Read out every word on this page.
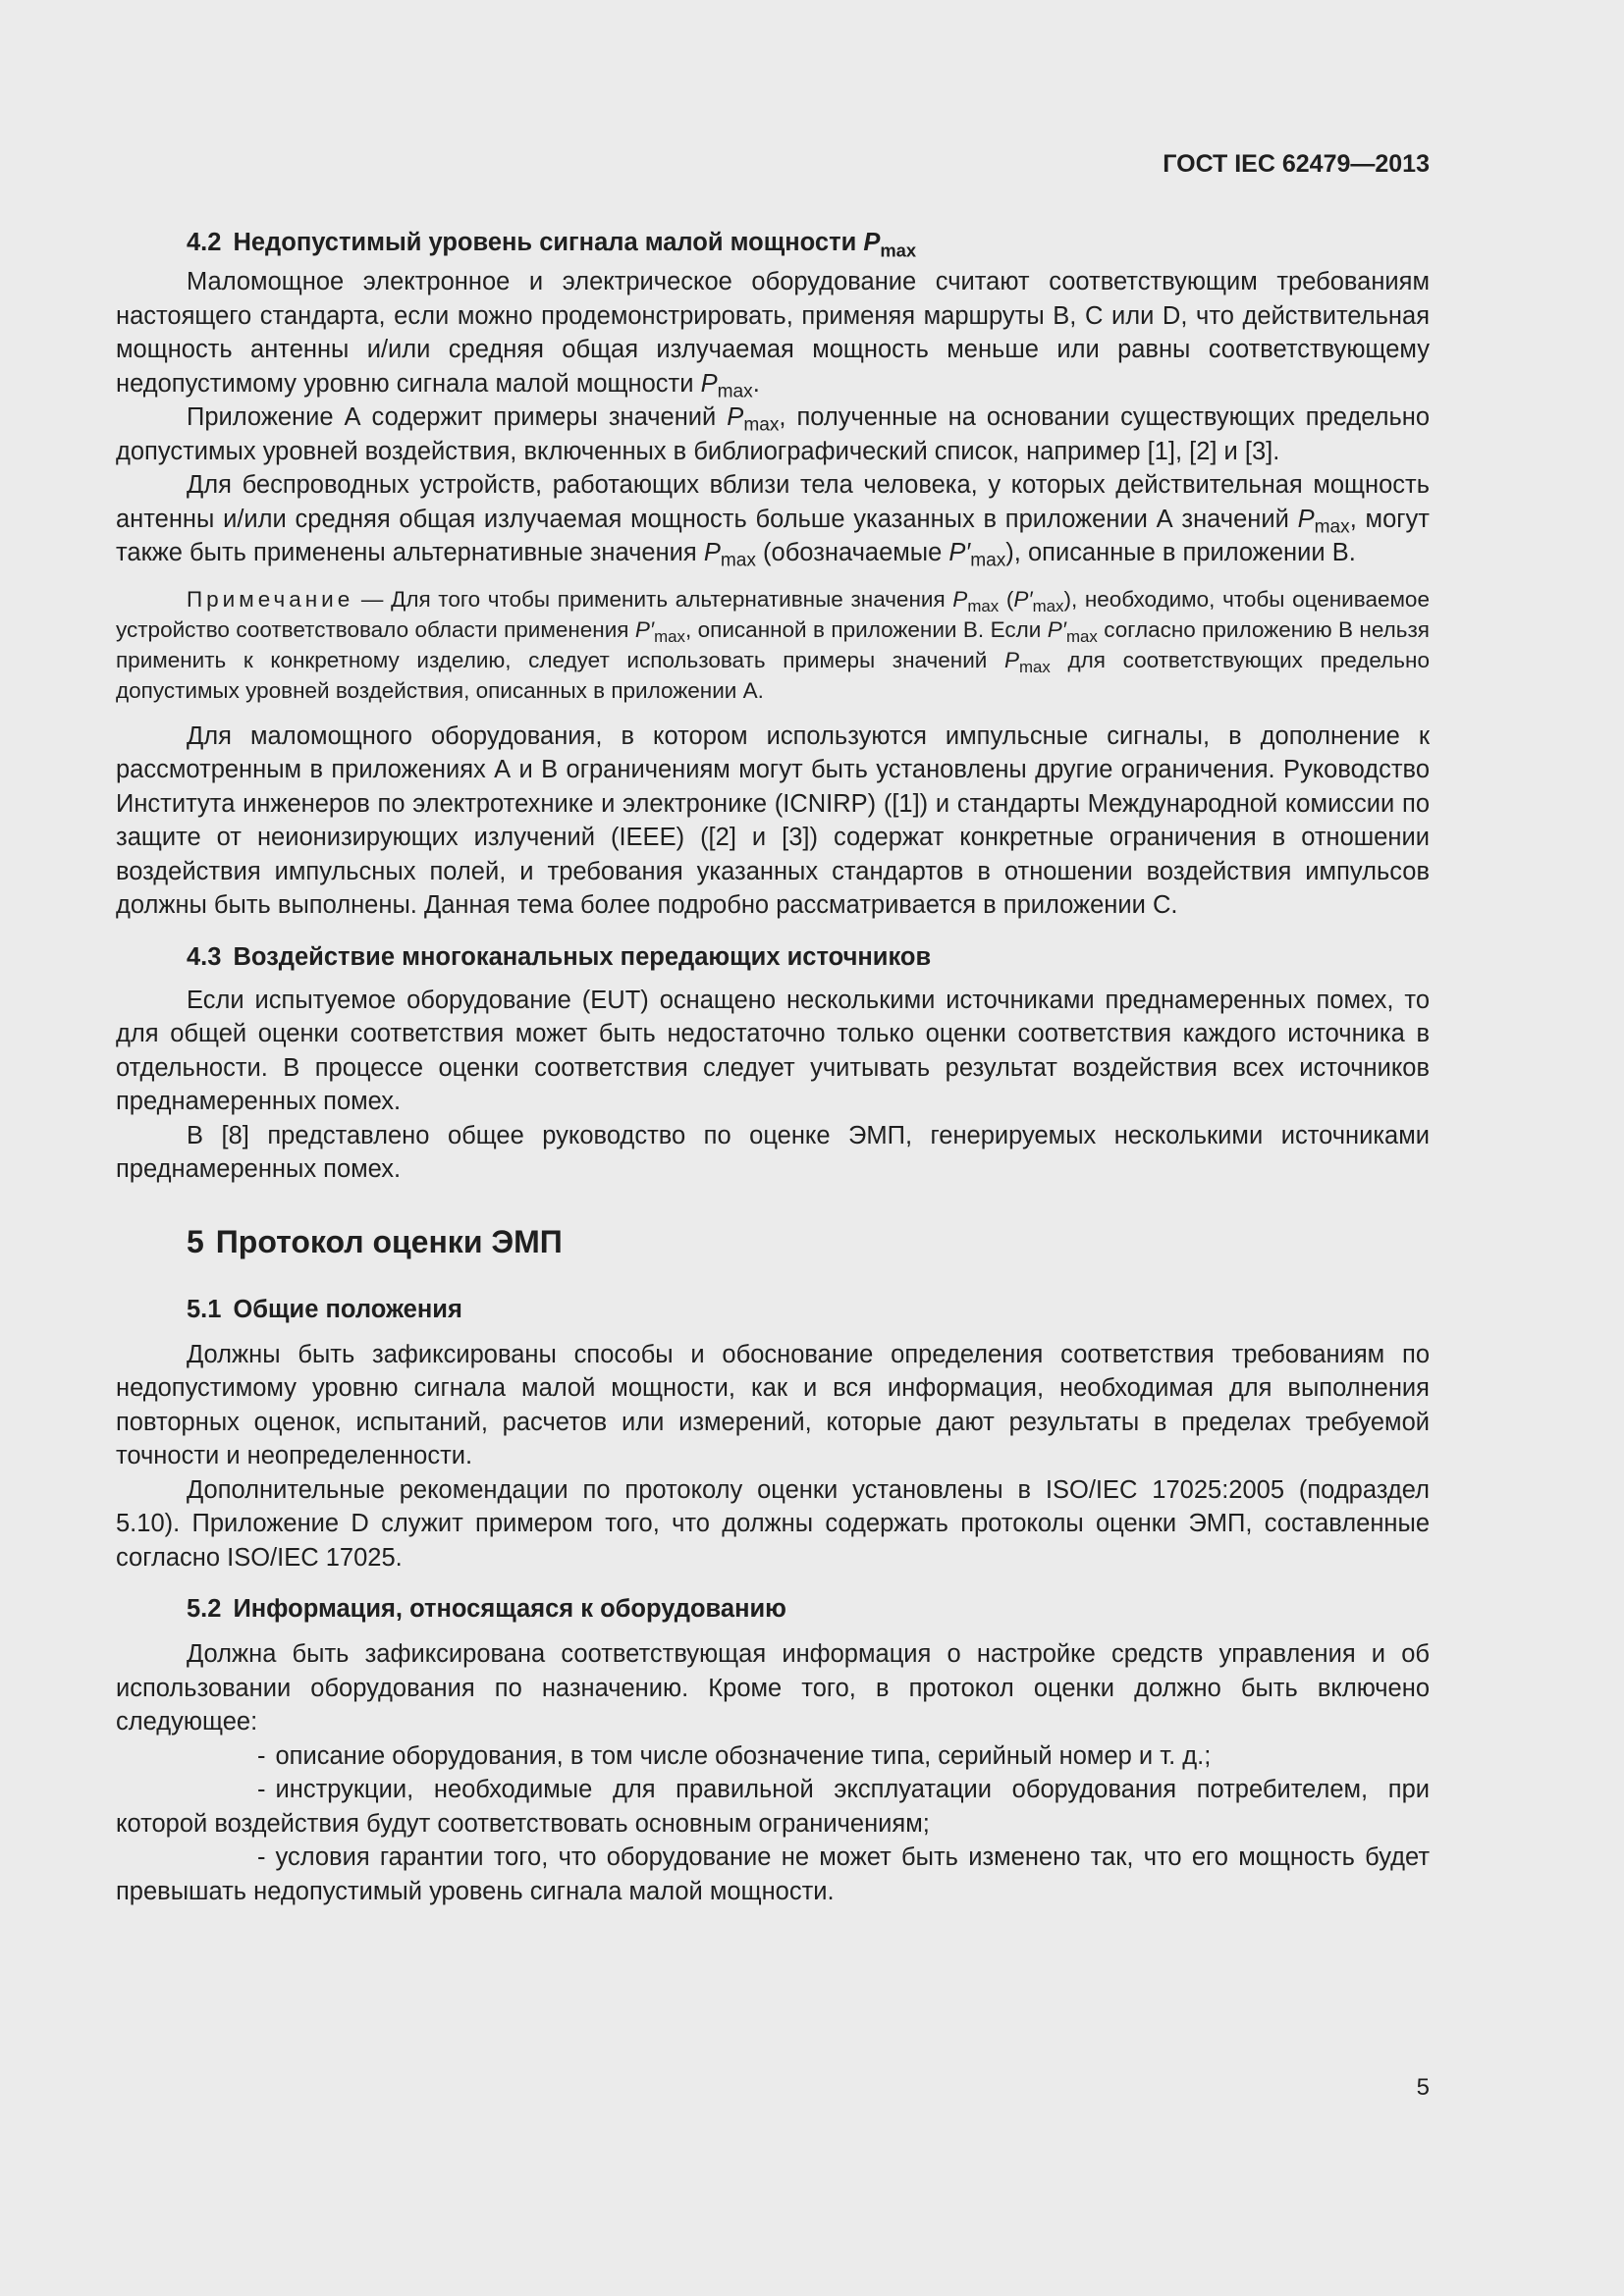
ГОСТ IEC 62479—2013
4.2 Недопустимый уровень сигнала малой мощности $P_{max}$

Маломощное электронное и электрическое оборудование считают соответствующим требованиям настоящего стандарта, если можно продемонстрировать, применяя маршруты B, C или D, что действительная мощность антенны и/или средняя общая излучаемая мощность меньше или равны соответствующему недопустимому уровню сигнала малой мощности $P_{max}$.

Приложение А содержит примеры значений $P_{max}$, полученные на основании существующих предельно допустимых уровней воздействия, включенных в библиографический список, например [1], [2] и [3].

Для беспроводных устройств, работающих вблизи тела человека, у которых действительная мощность антенны и/или средняя общая излучаемая мощность больше указанных в приложении А значений $P_{max}$, могут также быть применены альтернативные значения $P_{max}$ (обозначаемые $P'_{max}$), описанные в приложении B.

Примечание — Для того чтобы применить альтернативные значения $P_{max}$ $(P'_{max})$, необходимо, чтобы оцениваемое устройство соответствовало области применения $P'_{max}$, описанной в приложении B. Если $P'_{max}$ согласно приложению B нельзя применить к конкретному изделию, следует использовать примеры значений $P_{max}$ для соответствующих предельно допустимых уровней воздействия, описанных в приложении А.

Для маломощного оборудования, в котором используются импульсные сигналы, в дополнение к рассмотренным в приложениях А и B ограничениям могут быть установлены другие ограничения. Руководство Института инженеров по электротехнике и электронике (ICNIRP) ([1]) и стандарты Международной комиссии по защите от неионизирующих излучений (IEEE) ([2] и [3]) содержат конкретные ограничения в отношении воздействия импульсных полей, и требования указанных стандартов в отношении воздействия импульсов должны быть выполнены. Данная тема более подробно рассматривается в приложении C.

4.3 Воздействие многоканальных передающих источников

Если испытуемое оборудование (EUT) оснащено несколькими источниками преднамеренных помех, то для общей оценки соответствия может быть недостаточно только оценки соответствия каждого источника в отдельности. В процессе оценки соответствия следует учитывать результат воздействия всех источников преднамеренных помех.

В [8] представлено общее руководство по оценке ЭМП, генерируемых несколькими источниками преднамеренных помех.

5 Протокол оценки ЭМП
5.1 Общие положения

Должны быть зафиксированы способы и обоснование определения соответствия требованиям по недопустимому уровню сигнала малой мощности, как и вся информация, необходимая для выполнения повторных оценок, испытаний, расчетов или измерений, которые дают результаты в пределах требуемой точности и неопределенности.

Дополнительные рекомендации по протоколу оценки установлены в ISO/IEC 17025:2005 (подраздел 5.10). Приложение D служит примером того, что должны содержать протоколы оценки ЭМП, составленные согласно ISO/IEC 17025.

5.2 Информация, относящаяся к оборудованию

Должна быть зафиксирована соответствующая информация о настройке средств управления и об использовании оборудования по назначению. Кроме того, в протокол оценки должно быть включено следующее:

- описание оборудования, в том числе обозначение типа, серийный номер и т. д.;

- инструкции, необходимые для правильной эксплуатации оборудования потребителем, при которой воздействия будут соответствовать основным ограничениям;

- условия гарантии того, что оборудование не может быть изменено так, что его мощность будет превышать недопустимый уровень сигнала малой мощности.

5
